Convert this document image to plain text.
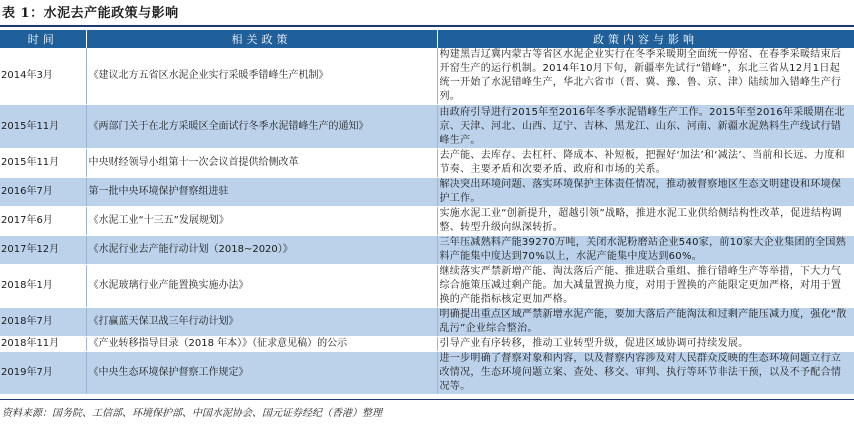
表 1：水泥去产能政策与影响
时间	相关政策	政策内容与影响
2014年3月	《建议北方五省区水泥企业实行采暖季错峰生产机制》	构建黑吉辽冀内蒙古等省区水泥企业实行在冬季采暖期全面统一停窑、在春季采暖结束后开窑生产的运行机制。2014年10月下旬，新疆率先试行“错峰”，东北三省从12月1日起统一开始了水泥错峰生产，华北六省市（晋、冀、豫、鲁、京、津）陆续加入错峰生产行列。
2015年11月	《两部门关于在北方采暖区全面试行冬季水泥错峰生产的通知》	由政府引导进行2015年至2016年冬季水泥错峰生产工作。2015年至2016年采暖期在北京、天津、河北、山西、辽宁、吉林、黑龙江、山东、河南、新疆水泥熟料生产线试行错峰生产。
2015年11月	中央财经领导小组第十一次会议首提供给侧改革	去产能、去库存、去杠杆、降成本、补短板，把握好‘加法’和‘减法’、当前和长远、力度和节奏、主要矛盾和次要矛盾、政府和市场的关系。
2016年7月	第一批中央环境保护督察组进驻	解决突出环境问题、落实环境保护主体责任情况，推动被督察地区生态文明建设和环境保护工作。
2017年6月	《水泥工业“十三五”发展规划》	实施水泥工业“创新提升，超越引领”战略，推进水泥工业供给侧结构性改革，促进结构调整、转型升级向纵深转折。
2017年12月	《水泥行业去产能行动计划（2018~2020）》	三年压减熟料产能39270万吨，关闭水泥粉磨站企业540家，前10家大企业集团的全国熟料产能集中度达到70%以上，水泥产能集中度达到60%。
2018年1月	《水泥玻璃行业产能置换实施办法》	继续落实严禁新增产能、淘汰落后产能、推进联合重组、推行错峰生产等举措，下大力气综合施策压减过剩产能。加大减量置换力度，对用于置换的产能限定更加严格，对用于置换的产能指标核定更加严格。
2018年7月	《打赢蓝天保卫战三年行动计划》	明确提出重点区域严禁新增水泥产能，要加大落后产能淘汰和过剩产能压减力度，强化“散乱污”企业综合整治。
2018年11月	《产业转移指导目录（2018 年本）》（征求意见稿）的公示	引导产业有序转移，推动工业转型升级，促进区域协调可持续发展。
2019年7月	《中央生态环境保护督察工作规定》	进一步明确了督察对象和内容，以及督察内容涉及对人民群众反映的生态环境问题立行立改情况，生态环境问题立案、查处、移交、审判、执行等环节非法干预，以及不予配合情况等。
资料来源：国务院、工信部、环境保护部、中国水泥协会、国元证券经纪（香港）整理
